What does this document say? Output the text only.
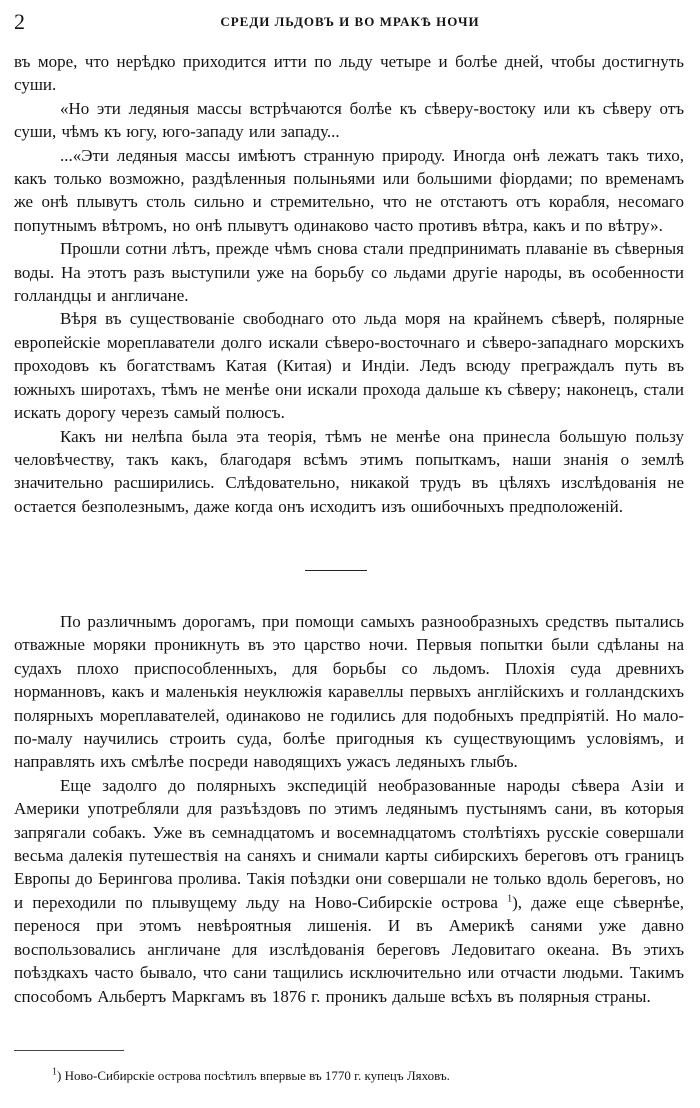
2	СРЕДИ ЛЬДОВЪ И ВО МРАКѢ НОЧИ

въ море, что нерѣдко приходится итти по льду четыре и болѣе дней, чтобы достигнуть суши.

«Но эти ледяныя массы встрѣчаются болѣе къ сѣверу-востоку или къ сѣверу отъ суши, чѣмъ къ югу, юго-западу или западу...

...«Эти ледяныя массы имѣютъ странную природу. Иногда онѣ лежатъ такъ тихо, какъ только возможно, раздѣленныя полыньями или большими фіордами; по временамъ же онѣ плывутъ столь сильно и стремительно, что не отстаютъ отъ корабля, несомаго попутнымъ вѣтромъ, но онѣ плывутъ одинаково часто противъ вѣтра, какъ и по вѣтру».

Прошли сотни лѣтъ, прежде чѣмъ снова стали предпринимать плаваніе въ сѣверныя воды. На этотъ разъ выступили уже на борьбу со льдами другіе народы, въ особенности голландцы и англичане.

Вѣря въ существованіе свободнаго ото льда моря на крайнемъ сѣверѣ, полярные европейскіе мореплаватели долго искали сѣверо-восточнаго и сѣверо-западнаго морскихъ проходовъ къ богатствамъ Катая (Китая) и Индіи. Ледъ всюду преграждалъ путь въ южныхъ широтахъ, тѣмъ не менѣе они искали прохода дальше къ сѣверу; наконецъ, стали искать дорогу черезъ самый полюсъ.

Какъ ни нелѣпа была эта теорія, тѣмъ не менѣе она принесла большую пользу человѣчеству, такъ какъ, благодаря всѣмъ этимъ попыткамъ, наши знанія о землѣ значительно расширились. Слѣдовательно, никакой трудъ въ цѣляхъ изслѣдованія не остается безполезнымъ, даже когда онъ исходитъ изъ ошибочныхъ предположеній.

По различнымъ дорогамъ, при помощи самыхъ разнообразныхъ средствъ пытались отважные моряки проникнуть въ это царство ночи. Первыя попытки были сдѣланы на судахъ плохо приспособленныхъ, для борьбы со льдомъ. Плохія суда древнихъ норманновъ, какъ и маленькія неуклюжія каравеллы первыхъ англійскихъ и голландскихъ полярныхъ мореплавателей, одинаково не годились для подобныхъ предпріятій. Но мало-по-малу научились строить суда, болѣе пригодныя къ существующимъ условіямъ, и направлять ихъ смѣлѣе посреди наводящихъ ужасъ ледяныхъ глыбъ.

Еще задолго до полярныхъ экспедицій необразованные народы сѣвера Азіи и Америки употребляли для разъѣздовъ по этимъ ледянымъ пустынямъ сани, въ которыя запрягали собакъ. Уже въ семнадцатомъ и восемнадцатомъ столѣтіяхъ русскіе совершали весьма далекія путешествія на саняхъ и снимали карты сибирскихъ береговъ отъ границъ Европы до Берингова пролива. Такія поѣздки они совершали не только вдоль береговъ, но и переходили по плывущему льду на Ново-Сибирскіе острова $^1$), даже еще сѣвернѣе, перенося при этомъ невѣроятныя лишенія. И въ Америкѣ санями уже давно воспользовались англичане для изслѣдованія береговъ Ледовитаго океана. Въ этихъ поѣздкахъ часто бывало, что сани тащились исключительно или отчасти людьми. Такимъ способомъ Альбертъ Маркгамъ въ 1876 г. проникъ дальше всѣхъ въ полярныя страны.

$^1$) Ново-Сибирскіе острова посѣтилъ впервые въ 1770 г. купецъ Ляховъ.
